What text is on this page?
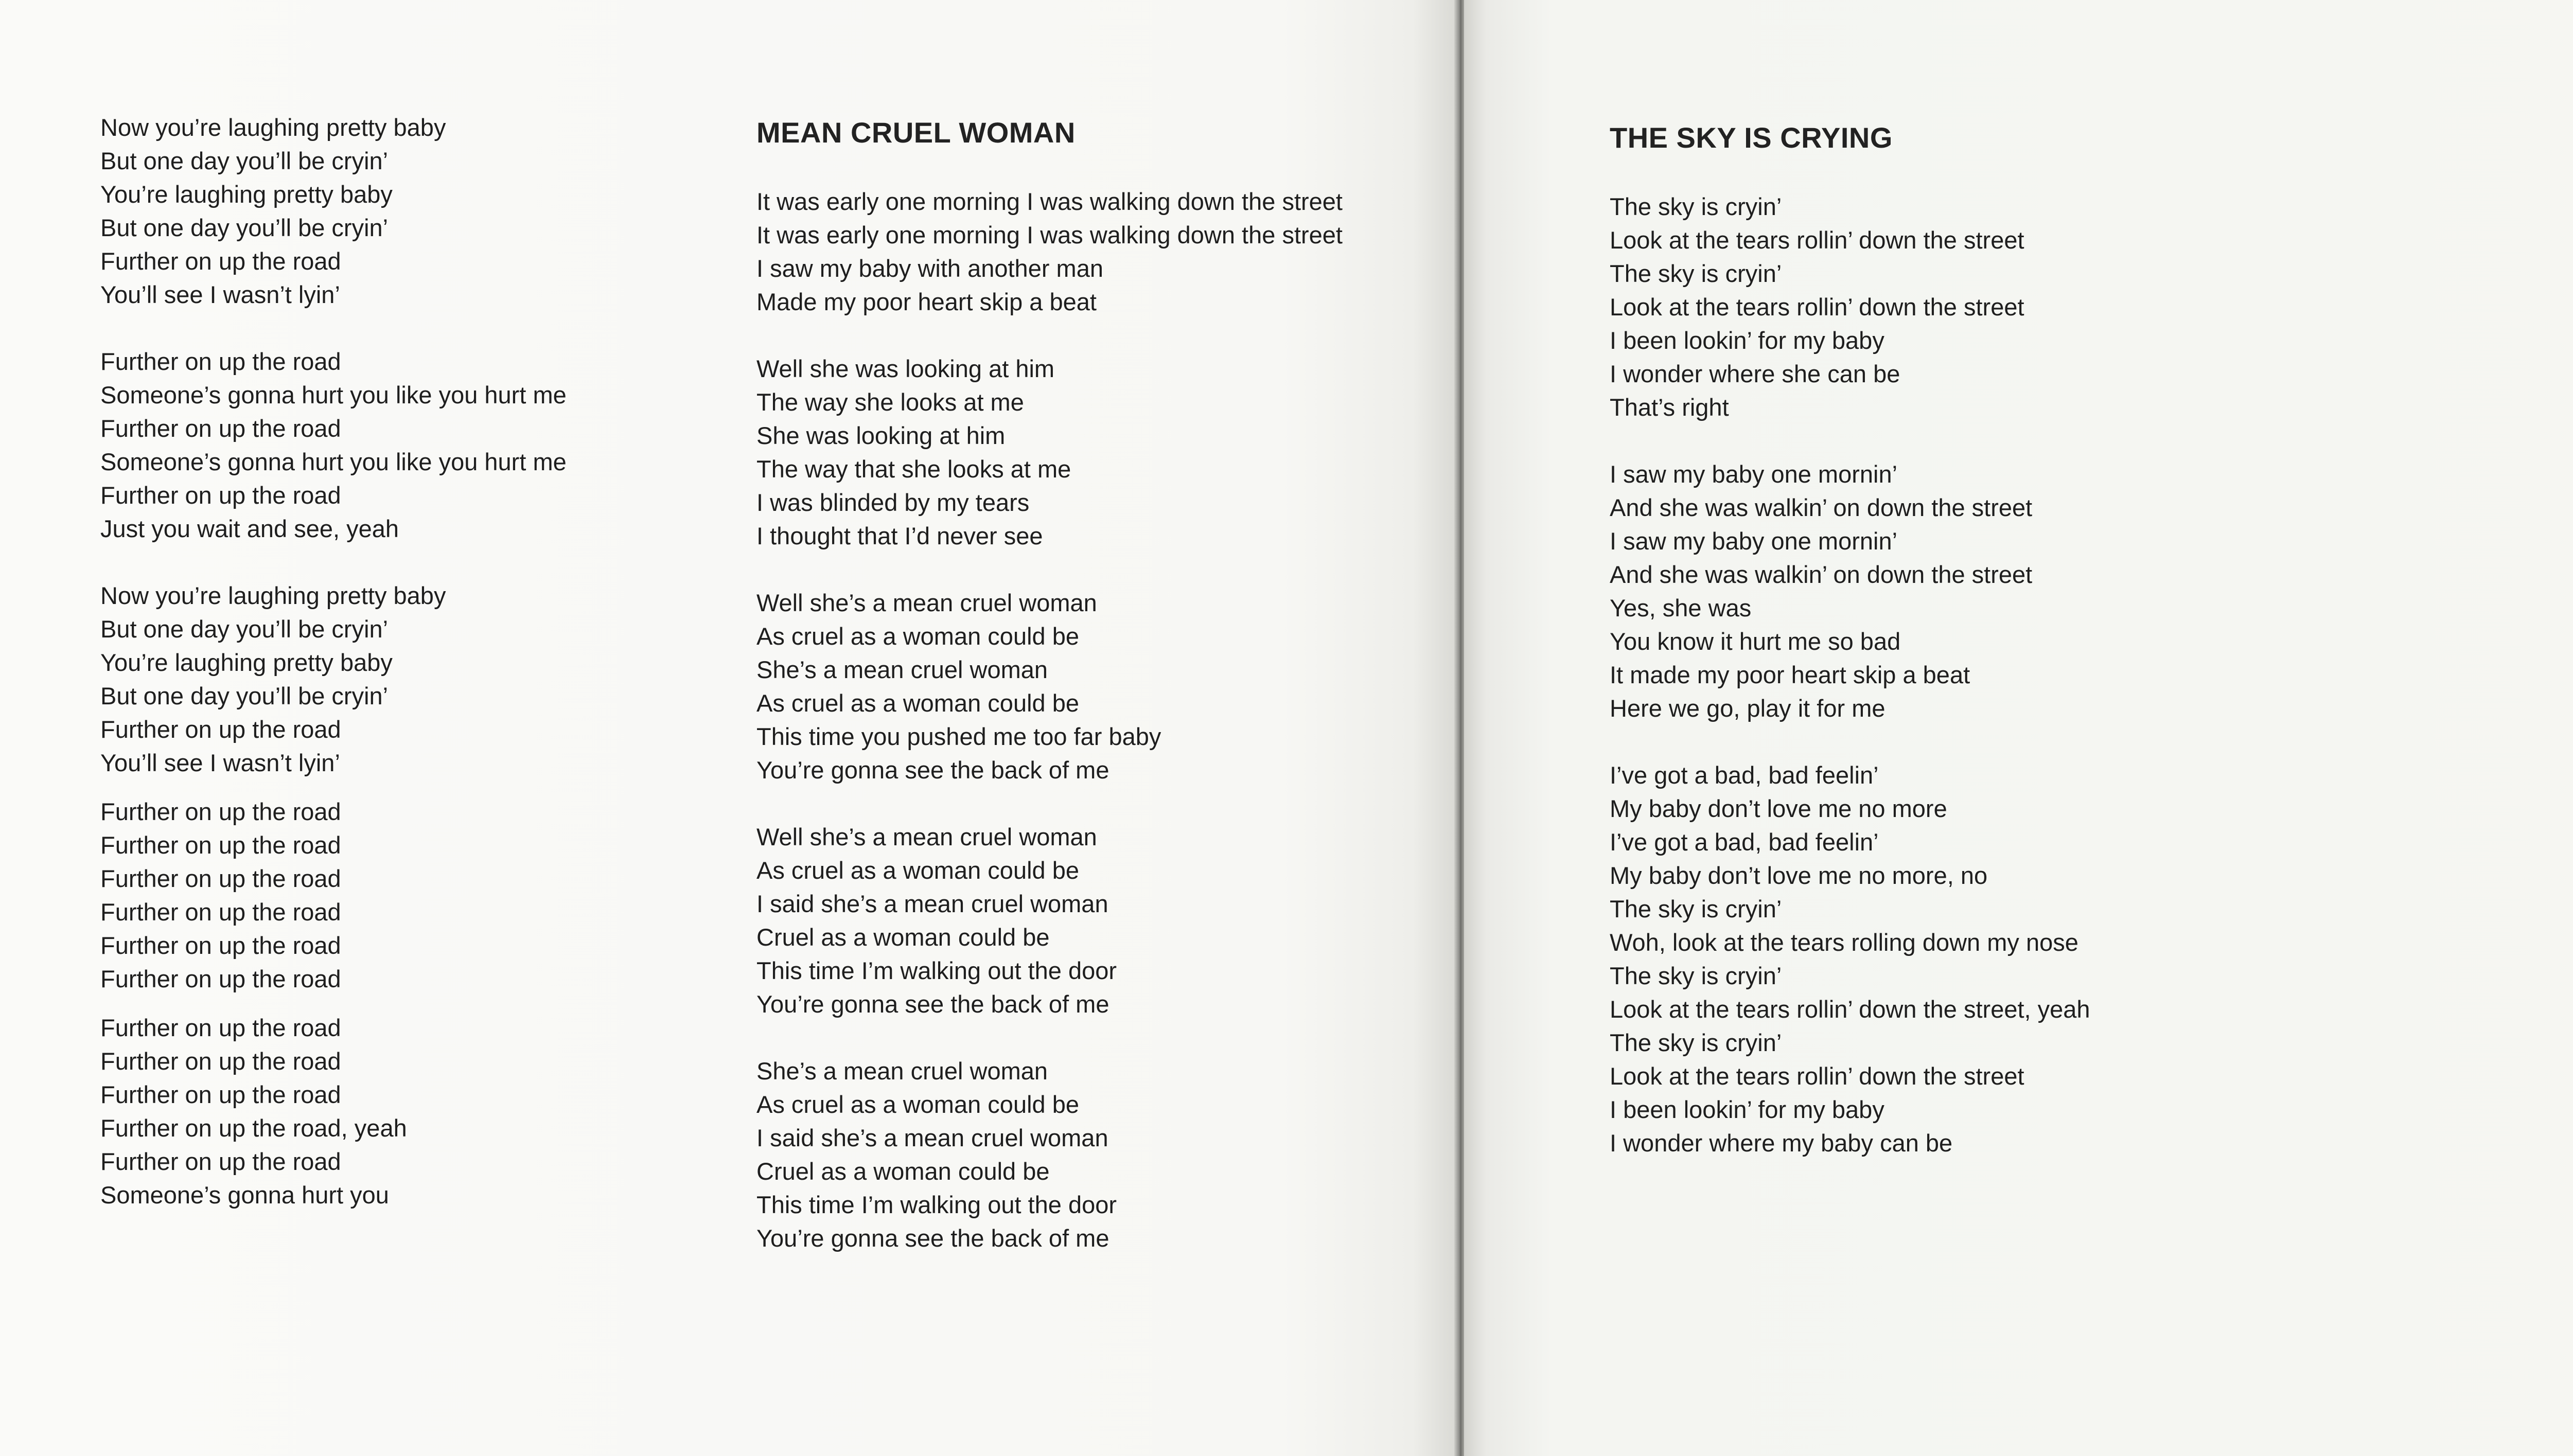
Now you’re laughing pretty baby
But one day you’ll be cryin’
You’re laughing pretty baby
But one day you’ll be cryin’
Further on up the road
You’ll see I wasn’t lyin’
Further on up the road
Someone’s gonna hurt you like you hurt me
Further on up the road
Someone’s gonna hurt you like you hurt me
Further on up the road
Just you wait and see, yeah
Now you’re laughing pretty baby
But one day you’ll be cryin’
You’re laughing pretty baby
But one day you’ll be cryin’
Further on up the road
You’ll see I wasn’t lyin’
Further on up the road
Further on up the road
Further on up the road
Further on up the road
Further on up the road
Further on up the road
Further on up the road
Further on up the road
Further on up the road
Further on up the road, yeah
Further on up the road
Someone’s gonna hurt you
MEAN CRUEL WOMAN
It was early one morning I was walking down the street
It was early one morning I was walking down the street
I saw my baby with another man
Made my poor heart skip a beat
Well she was looking at him
The way she looks at me
She was looking at him
The way that she looks at me
I was blinded by my tears
I thought that I’d never see
Well she’s a mean cruel woman
As cruel as a woman could be
She’s a mean cruel woman
As cruel as a woman could be
This time you pushed me too far baby
You’re gonna see the back of me
Well she’s a mean cruel woman
As cruel as a woman could be
I said she’s a mean cruel woman
Cruel as a woman could be
This time I’m walking out the door
You’re gonna see the back of me
She’s a mean cruel woman
As cruel as a woman could be
I said she’s a mean cruel woman
Cruel as a woman could be
This time I’m walking out the door
You’re gonna see the back of me
THE SKY IS CRYING
The sky is cryin’
Look at the tears rollin’ down the street
The sky is cryin’
Look at the tears rollin’ down the street
I been lookin’ for my baby
I wonder where she can be
That’s right
I saw my baby one mornin’
And she was walkin’ on down the street
I saw my baby one mornin’
And she was walkin’ on down the street
Yes, she was
You know it hurt me so bad
It made my poor heart skip a beat
Here we go, play it for me
I’ve got a bad, bad feelin’
My baby don’t love me no more
I’ve got a bad, bad feelin’
My baby don’t love me no more, no
The sky is cryin’
Woh, look at the tears rolling down my nose
The sky is cryin’
Look at the tears rollin’ down the street, yeah
The sky is cryin’
Look at the tears rollin’ down the street
I been lookin’ for my baby
I wonder where my baby can be
